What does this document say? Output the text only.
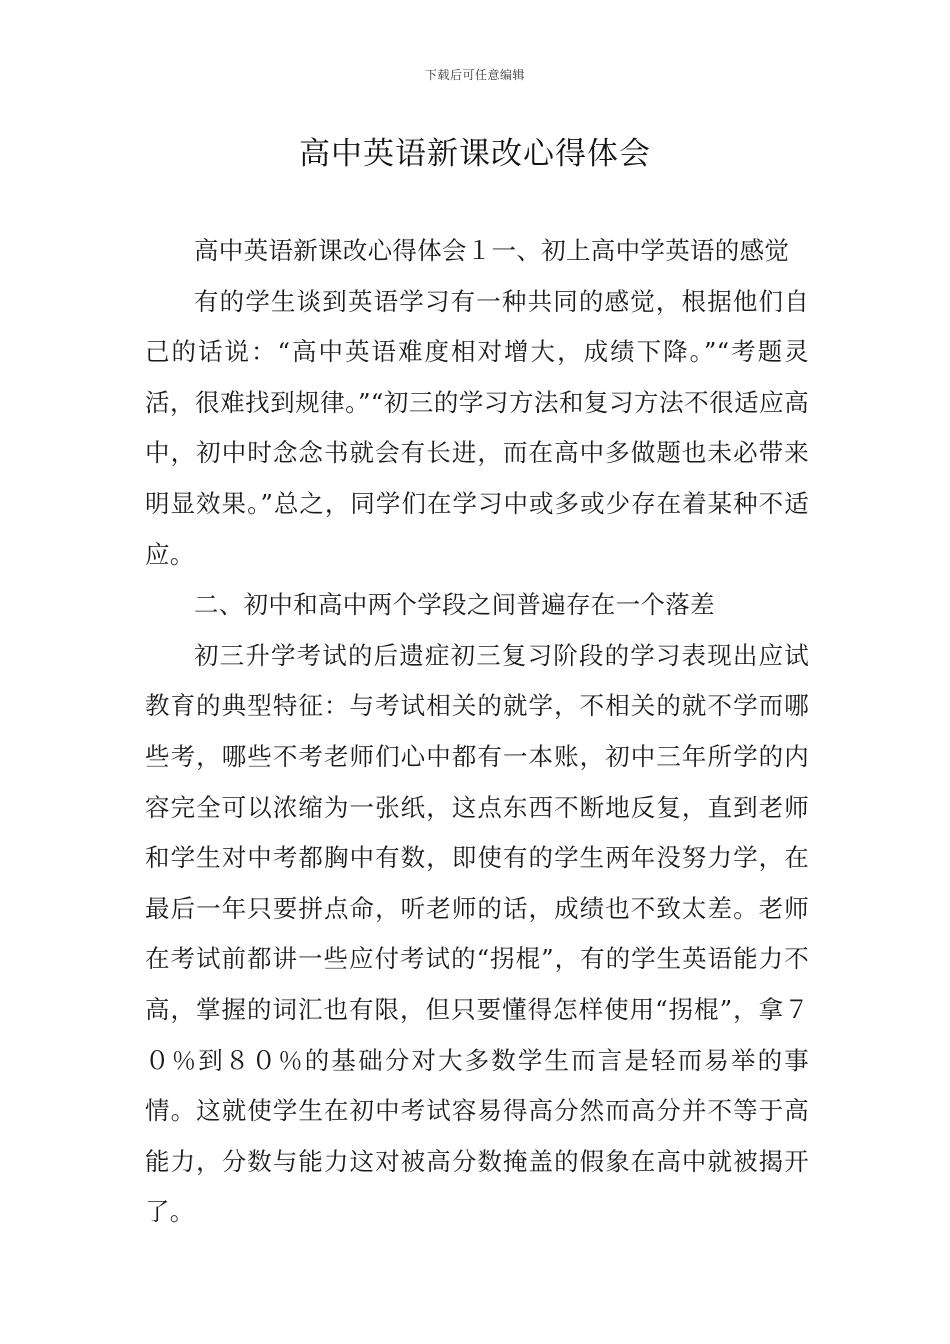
下载后可任意编辑
高中英语新课改心得体会

高中英语新课改心得体会１一、初上高中学英语的感觉

有的学生谈到英语学习有一种共同的感觉，根据他们自己的话说：“高中英语难度相对增大，成绩下降。”“考题灵活，很难找到规律。”“初三的学习方法和复习方法不很适应高中，初中时念念书就会有长进，而在高中多做题也未必带来明显效果。”总之，同学们在学习中或多或少存在着某种不适应。

二、初中和高中两个学段之间普遍存在一个落差

初三升学考试的后遗症初三复习阶段的学习表现出应试教育的典型特征：与考试相关的就学，不相关的就不学而哪些考，哪些不考老师们心中都有一本账，初中三年所学的内容完全可以浓缩为一张纸，这点东西不断地反复，直到老师和学生对中考都胸中有数，即使有的学生两年没努力学，在最后一年只要拼点命，听老师的话，成绩也不致太差。老师在考试前都讲一些应付考试的“拐棍”，有的学生英语能力不高，掌握的词汇也有限，但只要懂得怎样使用“拐棍”，拿７０％到８０％的基础分对大多数学生而言是轻而易举的事情。这就使学生在初中考试容易得高分然而高分并不等于高能力，分数与能力这对被高分数掩盖的假象在高中就被揭开了。
